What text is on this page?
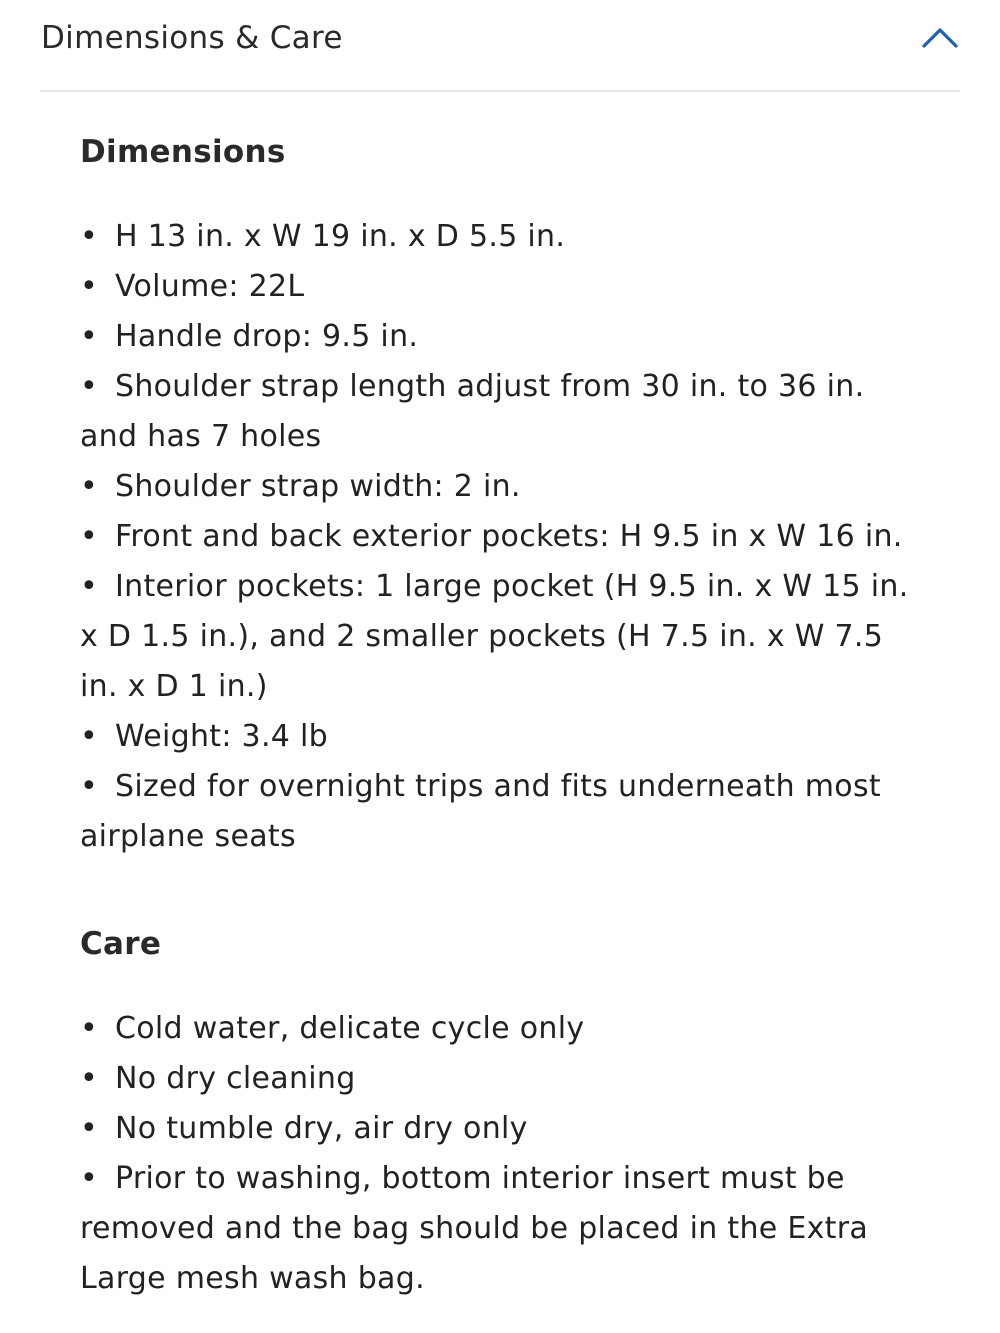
Dimensions & Care
Dimensions
• H 13 in. x W 19 in. x D 5.5 in.
• Volume: 22L
• Handle drop: 9.5 in.
• Shoulder strap length adjust from 30 in. to 36 in. and has 7 holes
• Shoulder strap width: 2 in.
• Front and back exterior pockets: H 9.5 in x W 16 in.
• Interior pockets: 1 large pocket (H 9.5 in. x W 15 in. x D 1.5 in.), and 2 smaller pockets (H 7.5 in. x W 7.5 in. x D 1 in.)
• Weight: 3.4 lb
• Sized for overnight trips and fits underneath most airplane seats
Care
• Cold water, delicate cycle only
• No dry cleaning
• No tumble dry, air dry only
• Prior to washing, bottom interior insert must be removed and the bag should be placed in the Extra Large mesh wash bag.
